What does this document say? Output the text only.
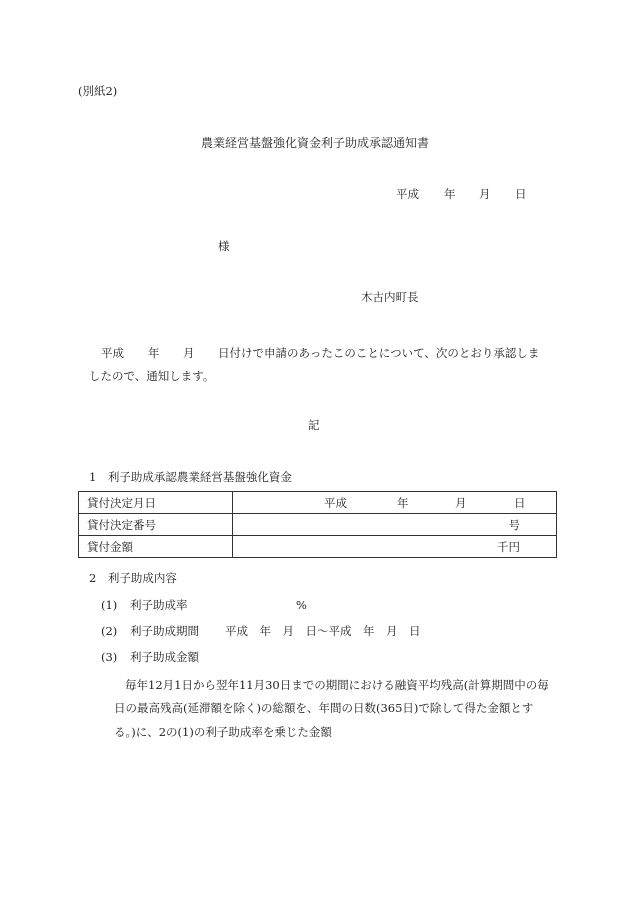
(別紙2)
農業経営基盤強化資金利子助成承認通知書
平成 年 月 日
様
木古内町長
平成 年 月 日付けで申請のあったこのことについて、次のとおり承認しま
したので、通知します。
記
1　利子助成承認農業経営基盤強化資金
貸付決定月日	平成 年 月 日

貸付決定番号	号
貸付金額	千円
2　利子助成内容
(1) 利子助成率	%
(2) 利子助成期間 平成　年　月　日～平成　年　月　日
(3) 利子助成金額
毎年12月1日から翌年11月30日までの期間における融資平均残高(計算期間中の毎
日の最高残高(延滞額を除く)の総額を、年間の日数(365日)で除して得た金額とす
る。)に、2の(1)の利子助成率を乗じた金額
